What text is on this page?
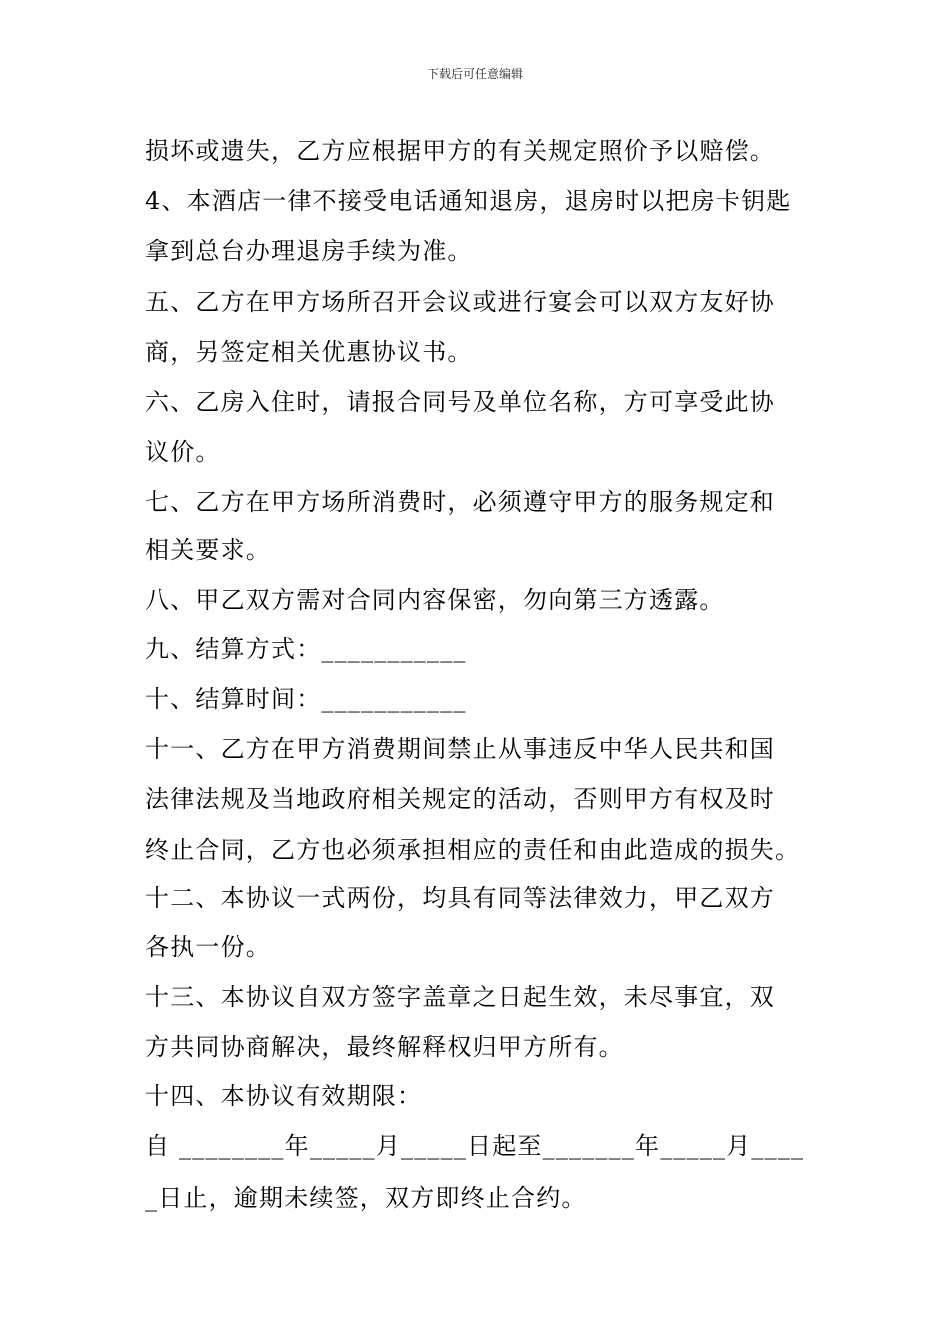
下载后可任意编辑
损坏或遗失，乙方应根据甲方的有关规定照价予以赔偿。
4、本酒店一律不接受电话通知退房，退房时以把房卡钥匙
拿到总台办理退房手续为准。
五、乙方在甲方场所召开会议或进行宴会可以双方友好协
商，另签定相关优惠协议书。
六、乙房入住时，请报合同号及单位名称，方可享受此协
议价。
七、乙方在甲方场所消费时，必须遵守甲方的服务规定和
相关要求。
八、甲乙双方需对合同内容保密，勿向第三方透露。
九、结算方式：___________
十、结算时间：___________
十一、乙方在甲方消费期间禁止从事违反中华人民共和国
法律法规及当地政府相关规定的活动，否则甲方有权及时
终止合同，乙方也必须承担相应的责任和由此造成的损失。
十二、本协议一式两份，均具有同等法律效力，甲乙双方
各执一份。
十三、本协议自双方签字盖章之日起生效，未尽事宜，双
方共同协商解决，最终解释权归甲方所有。
十四、本协议有效期限：
自 ________年_____月_____日起至_______年_____月____
_日止，逾期未续签，双方即终止合约。
